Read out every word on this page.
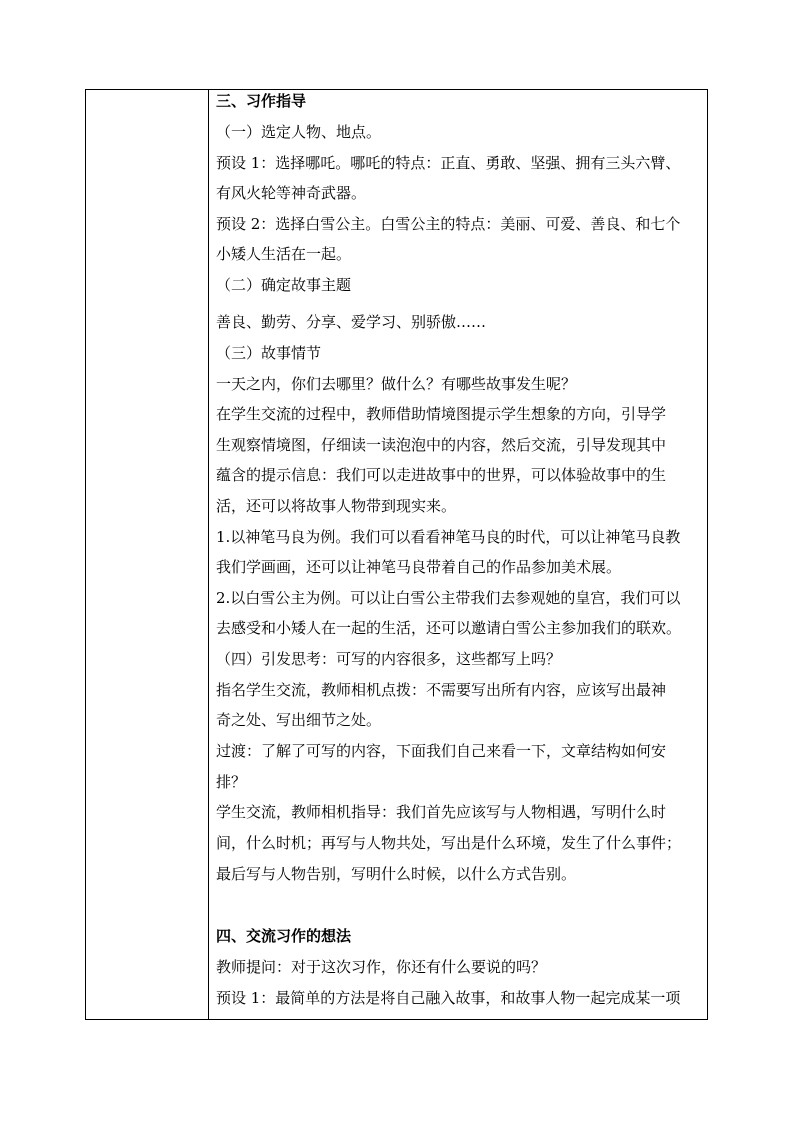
三、习作指导
（一）选定人物、地点。
预设 1：选择哪吒。哪吒的特点：正直、勇敢、坚强、拥有三头六臂、
有风火轮等神奇武器。
预设 2：选择白雪公主。白雪公主的特点：美丽、可爱、善良、和七个
小矮人生活在一起。
（二）确定故事主题
善良、勤劳、分享、爱学习、别骄傲……
（三）故事情节
一天之内，你们去哪里？做什么？有哪些故事发生呢？
在学生交流的过程中，教师借助情境图提示学生想象的方向，引导学
生观察情境图，仔细读一读泡泡中的内容，然后交流，引导发现其中
蕴含的提示信息：我们可以走进故事中的世界，可以体验故事中的生
活，还可以将故事人物带到现实来。
1.以神笔马良为例。我们可以看看神笔马良的时代，可以让神笔马良教
我们学画画，还可以让神笔马良带着自己的作品参加美术展。
2.以白雪公主为例。可以让白雪公主带我们去参观她的皇宫，我们可以
去感受和小矮人在一起的生活，还可以邀请白雪公主参加我们的联欢。
（四）引发思考：可写的内容很多，这些都写上吗？
指名学生交流，教师相机点拨：不需要写出所有内容，应该写出最神
奇之处、写出细节之处。
过渡：了解了可写的内容，下面我们自己来看一下，文章结构如何安
排？
学生交流，教师相机指导：我们首先应该写与人物相遇，写明什么时
间，什么时机；再写与人物共处，写出是什么环境，发生了什么事件；
最后写与人物告别，写明什么时候，以什么方式告别。
四、交流习作的想法
教师提问：对于这次习作，你还有什么要说的吗？
预设 1：最简单的方法是将自己融入故事，和故事人物一起完成某一项
